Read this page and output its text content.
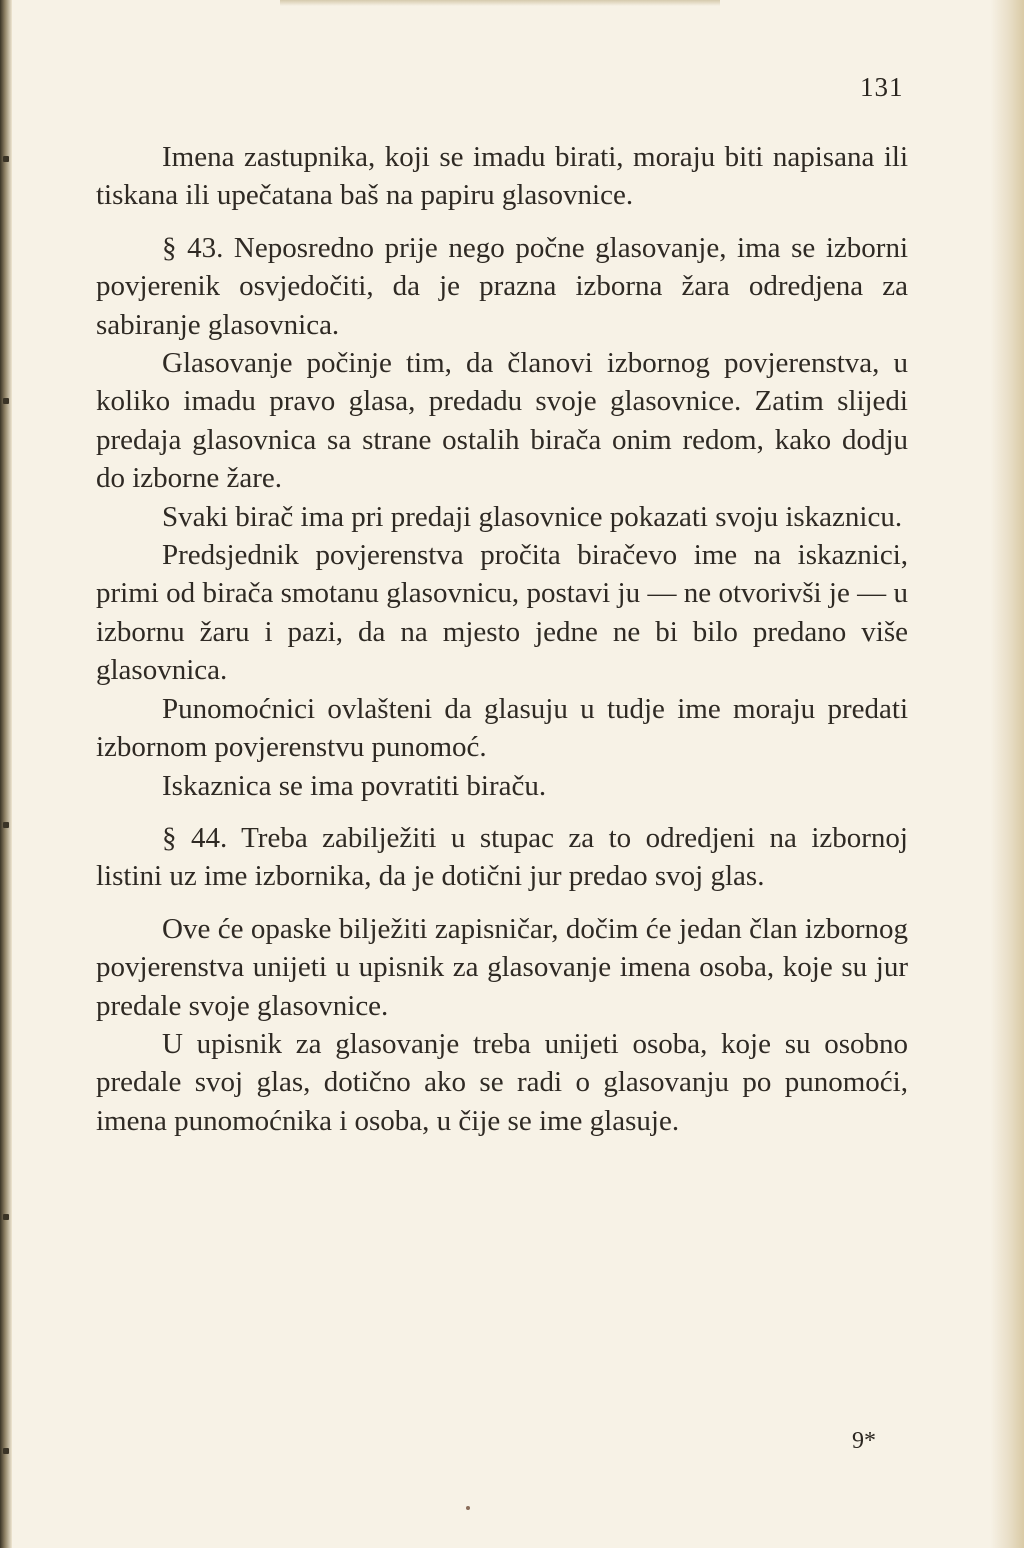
131

Imena zastupnika, koji se imadu birati, moraju biti napisana ili tiskana ili upečatana baš na papiru glasovnice.

§ 43. Neposredno prije nego počne glasovanje, ima se izborni povjerenik osvjedočiti, da je prazna izborna žara odredjena za sabiranje glasovnica.

Glasovanje počinje tim, da članovi izbornog povjerenstva, u koliko imadu pravo glasa, predadu svoje glasovnice. Zatim slijedi predaja glasovnica sa strane ostalih birača onim redom, kako dodju do izborne žare.

Svaki birač ima pri predaji glasovnice pokazati svoju iskaznicu.

Predsjednik povjerenstva pročita biračevo ime na iskaznici, primi od birača smotanu glasovnicu, postavi ju — ne otvorivši je — u izbornu žaru i pazi, da na mjesto jedne ne bi bilo predano više glasovnica.

Punomoćnici ovlašteni da glasuju u tudje ime moraju predati izbornom povjerenstvu punomoć.

Iskaznica se ima povratiti biraču.

§ 44. Treba zabilježiti u stupac za to odredjeni na izbornoj listini uz ime izbornika, da je dotični jur predao svoj glas.

Ove će opaske bilježiti zapisničar, dočim će jedan član izbornog povjerenstva unijeti u upisnik za glasovanje imena osoba, koje su jur predale svoje glasovnice.

U upisnik za glasovanje treba unijeti osoba, koje su osobno predale svoj glas, dotično ako se radi o glasovanju po punomoći, imena punomoćnika i osoba, u čije se ime glasuje.

9*
